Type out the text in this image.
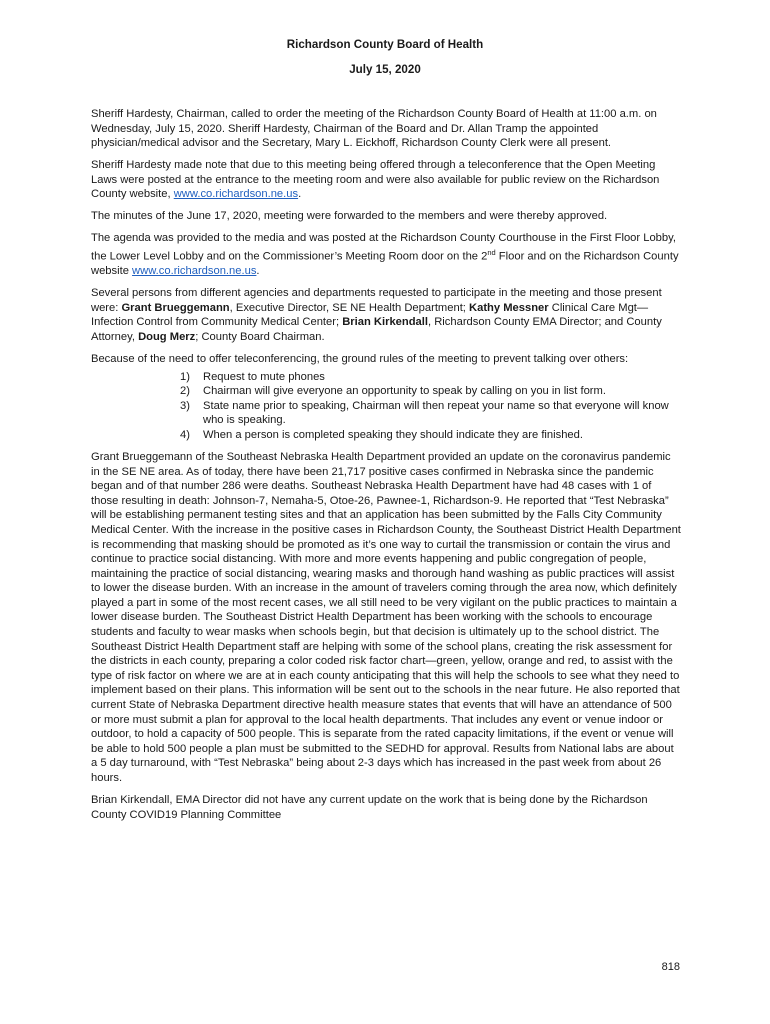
Richardson County Board of Health
July 15, 2020

Sheriff Hardesty, Chairman, called to order the meeting of the Richardson County Board of Health at 11:00 a.m. on Wednesday, July 15, 2020. Sheriff Hardesty, Chairman of the Board and Dr. Allan Tramp the appointed physician/medical advisor and the Secretary, Mary L. Eickhoff, Richardson County Clerk were all present.

Sheriff Hardesty made note that due to this meeting being offered through a teleconference that the Open Meeting Laws were posted at the entrance to the meeting room and were also available for public review on the Richardson County website, www.co.richardson.ne.us.

The minutes of the June 17, 2020, meeting were forwarded to the members and were thereby approved.

The agenda was provided to the media and was posted at the Richardson County Courthouse in the First Floor Lobby, the Lower Level Lobby and on the Commissioner’s Meeting Room door on the 2nd Floor and on the Richardson County website www.co.richardson.ne.us.

Several persons from different agencies and departments requested to participate in the meeting and those present were: Grant Brueggemann, Executive Director, SE NE Health Department; Kathy Messner Clinical Care Mgt—Infection Control from Community Medical Center; Brian Kirkendall, Richardson County EMA Director; and County Attorney, Doug Merz; County Board Chairman.

Because of the need to offer teleconferencing, the ground rules of the meeting to prevent talking over others:

1) Request to mute phones
2) Chairman will give everyone an opportunity to speak by calling on you in list form.
3) State name prior to speaking, Chairman will then repeat your name so that everyone will know who is speaking.
4) When a person is completed speaking they should indicate they are finished.

Grant Brueggemann of the Southeast Nebraska Health Department provided an update on the coronavirus pandemic in the SE NE area. As of today, there have been 21,717 positive cases confirmed in Nebraska since the pandemic began and of that number 286 were deaths. Southeast Nebraska Health Department have had 48 cases with 1 of those resulting in death: Johnson-7, Nemaha-5, Otoe-26, Pawnee-1, Richardson-9. He reported that “Test Nebraska” will be establishing permanent testing sites and that an application has been submitted by the Falls City Community Medical Center. With the increase in the positive cases in Richardson County, the Southeast District Health Department is recommending that masking should be promoted as it’s one way to curtail the transmission or contain the virus and continue to practice social distancing. With more and more events happening and public congregation of people, maintaining the practice of social distancing, wearing masks and thorough hand washing as public practices will assist to lower the disease burden. With an increase in the amount of travelers coming through the area now, which definitely played a part in some of the most recent cases, we all still need to be very vigilant on the public practices to maintain a lower disease burden. The Southeast District Health Department has been working with the schools to encourage students and faculty to wear masks when schools begin, but that decision is ultimately up to the school district. The Southeast District Health Department staff are helping with some of the school plans, creating the risk assessment for the districts in each county, preparing a color coded risk factor chart—green, yellow, orange and red, to assist with the type of risk factor on where we are at in each county anticipating that this will help the schools to see what they need to implement based on their plans. This information will be sent out to the schools in the near future. He also reported that current State of Nebraska Department directive health measure states that events that will have an attendance of 500 or more must submit a plan for approval to the local health departments. That includes any event or venue indoor or outdoor, to hold a capacity of 500 people. This is separate from the rated capacity limitations, if the event or venue will be able to hold 500 people a plan must be submitted to the SEDHD for approval. Results from National labs are about a 5 day turnaround, with “Test Nebraska” being about 2-3 days which has increased in the past week from about 26 hours.

Brian Kirkendall, EMA Director did not have any current update on the work that is being done by the Richardson County COVID19 Planning Committee

818
